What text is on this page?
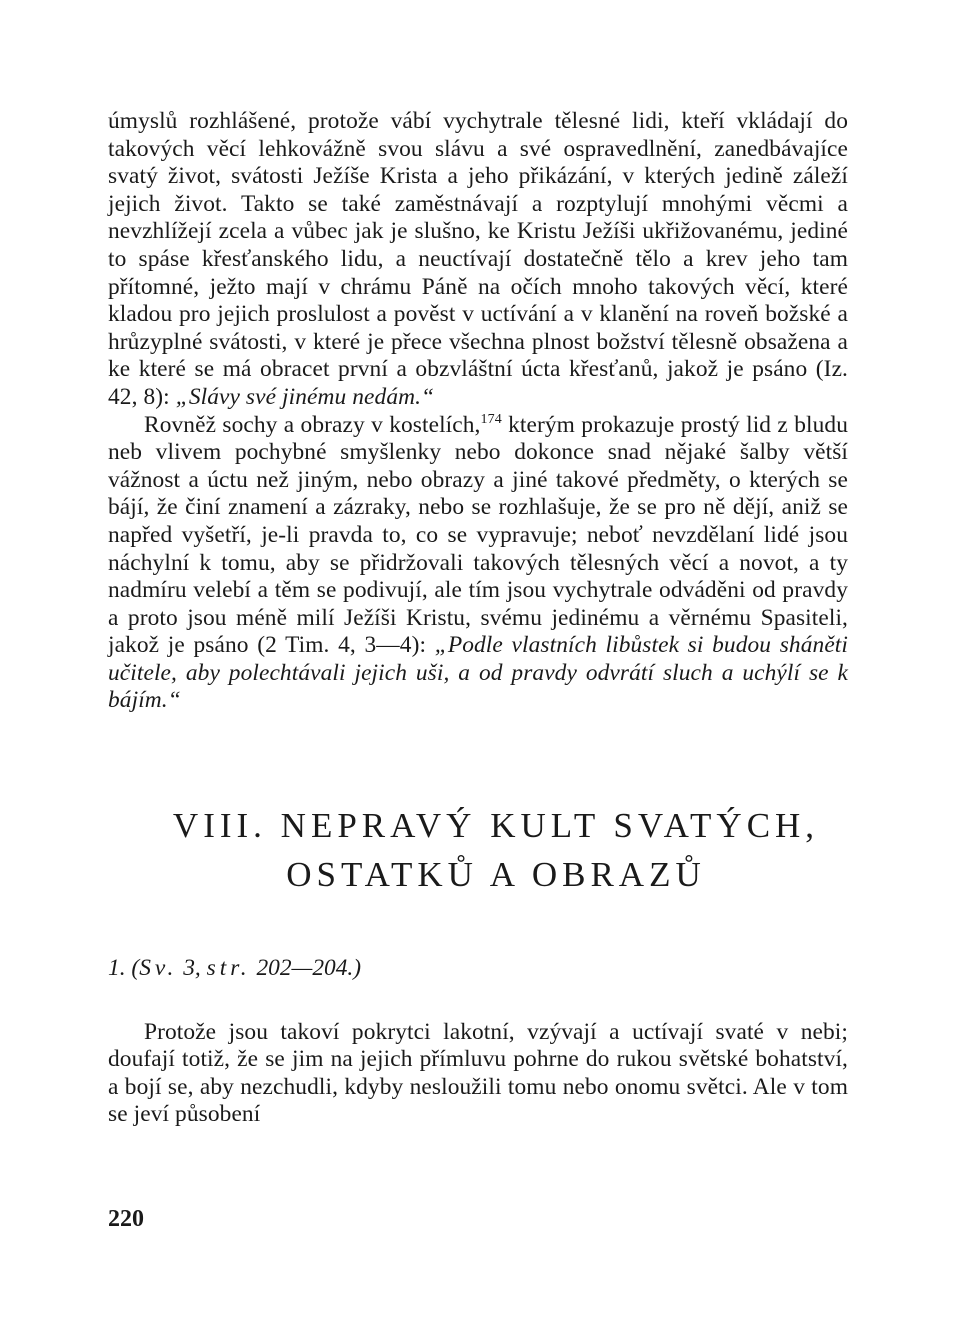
úmyslů rozhlášené, protože vábí vychytrale tělesné lidi, kteří vkládají do takových věcí lehkovážně svou slávu a své ospravedlnění, zanedbávajíce svatý život, svátosti Ježíše Krista a jeho přikázání, v kterých jedině záleží jejich život. Takto se také zaměstnávají a rozptylují mnohými věcmi a nevzhlížejí zcela a vůbec jak je slušno, ke Kristu Ježíši ukřižovanému, jediné to spáse křesťanského lidu, a neuctívají dostatečně tělo a krev jeho tam přítomné, ježto mají v chrámu Páně na očích mnoho takových věcí, které kladou pro jejich proslulost a pověst v uctívání a v klanění na roveň božské a hrůzyplné svátosti, v které je přece všechna plnost božství tělesně obsažena a ke které se má obracet první a obzvláštní úcta křesťanů, jakož je psáno (Iz. 42, 8): „Slávy své jinému nedám.“

Rovněž sochy a obrazy v kostelích,$^{174}$ kterým prokazuje prostý lid z bludu neb vlivem pochybné smyšlenky nebo dokonce snad nějaké šalby větší vážnost a úctu než jiným, nebo obrazy a jiné takové předměty, o kterých se bájí, že činí znamení a zázraky, nebo se rozhlašuje, že se pro ně dějí, aniž se napřed vyšetří, je-li pravda to, co se vypravuje; neboť nevzdělaní lidé jsou náchylní k tomu, aby se přidržovali takových tělesných věcí a novot, a ty nadmíru velebí a těm se podivují, ale tím jsou vychytrale odváděni od pravdy a proto jsou méně milí Ježíši Kristu, svému jedinému a věrnému Spasiteli, jakož je psáno (2 Tim. 4, 3—4): „Podle vlastních libůstek si budou sháněti učitele, aby polechtávali jejich uši, a od pravdy odvrátí sluch a uchýlí se k bájím.“

VIII. NEPRAVÝ KULT SVATÝCH,
OSTATKŮ A OBRAZŮ

1. (Sv. 3, str. 202—204.)

Protože jsou takoví pokrytci lakotní, vzývají a uctívají svaté v nebi; doufají totiž, že se jim na jejich přímluvu pohrne do rukou světské bohatství, a bojí se, aby nezchudli, kdyby nesloužili tomu nebo onomu světci. Ale v tom se jeví působení

220
